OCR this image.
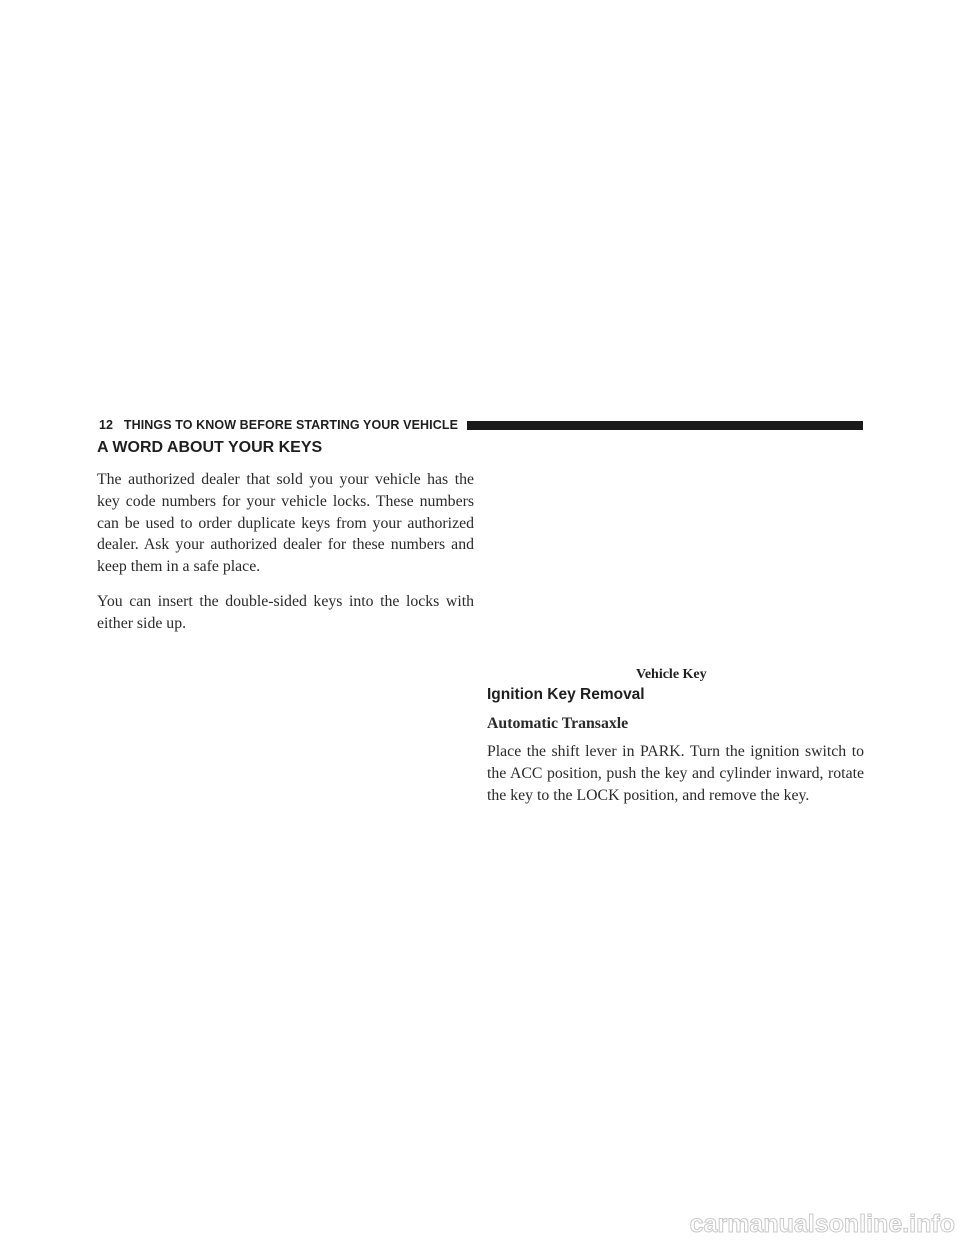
12 THINGS TO KNOW BEFORE STARTING YOUR VEHICLE
A WORD ABOUT YOUR KEYS

The authorized dealer that sold you your vehicle has the key code numbers for your vehicle locks. These numbers can be used to order duplicate keys from your authorized dealer. Ask your authorized dealer for these numbers and keep them in a safe place.

You can insert the double-sided keys into the locks with either side up.

Vehicle Key
Ignition Key Removal
Automatic Transaxle

Place the shift lever in PARK. Turn the ignition switch to the ACC position, push the key and cylinder inward, rotate the key to the LOCK position, and remove the key.

carmanualsonline.info
